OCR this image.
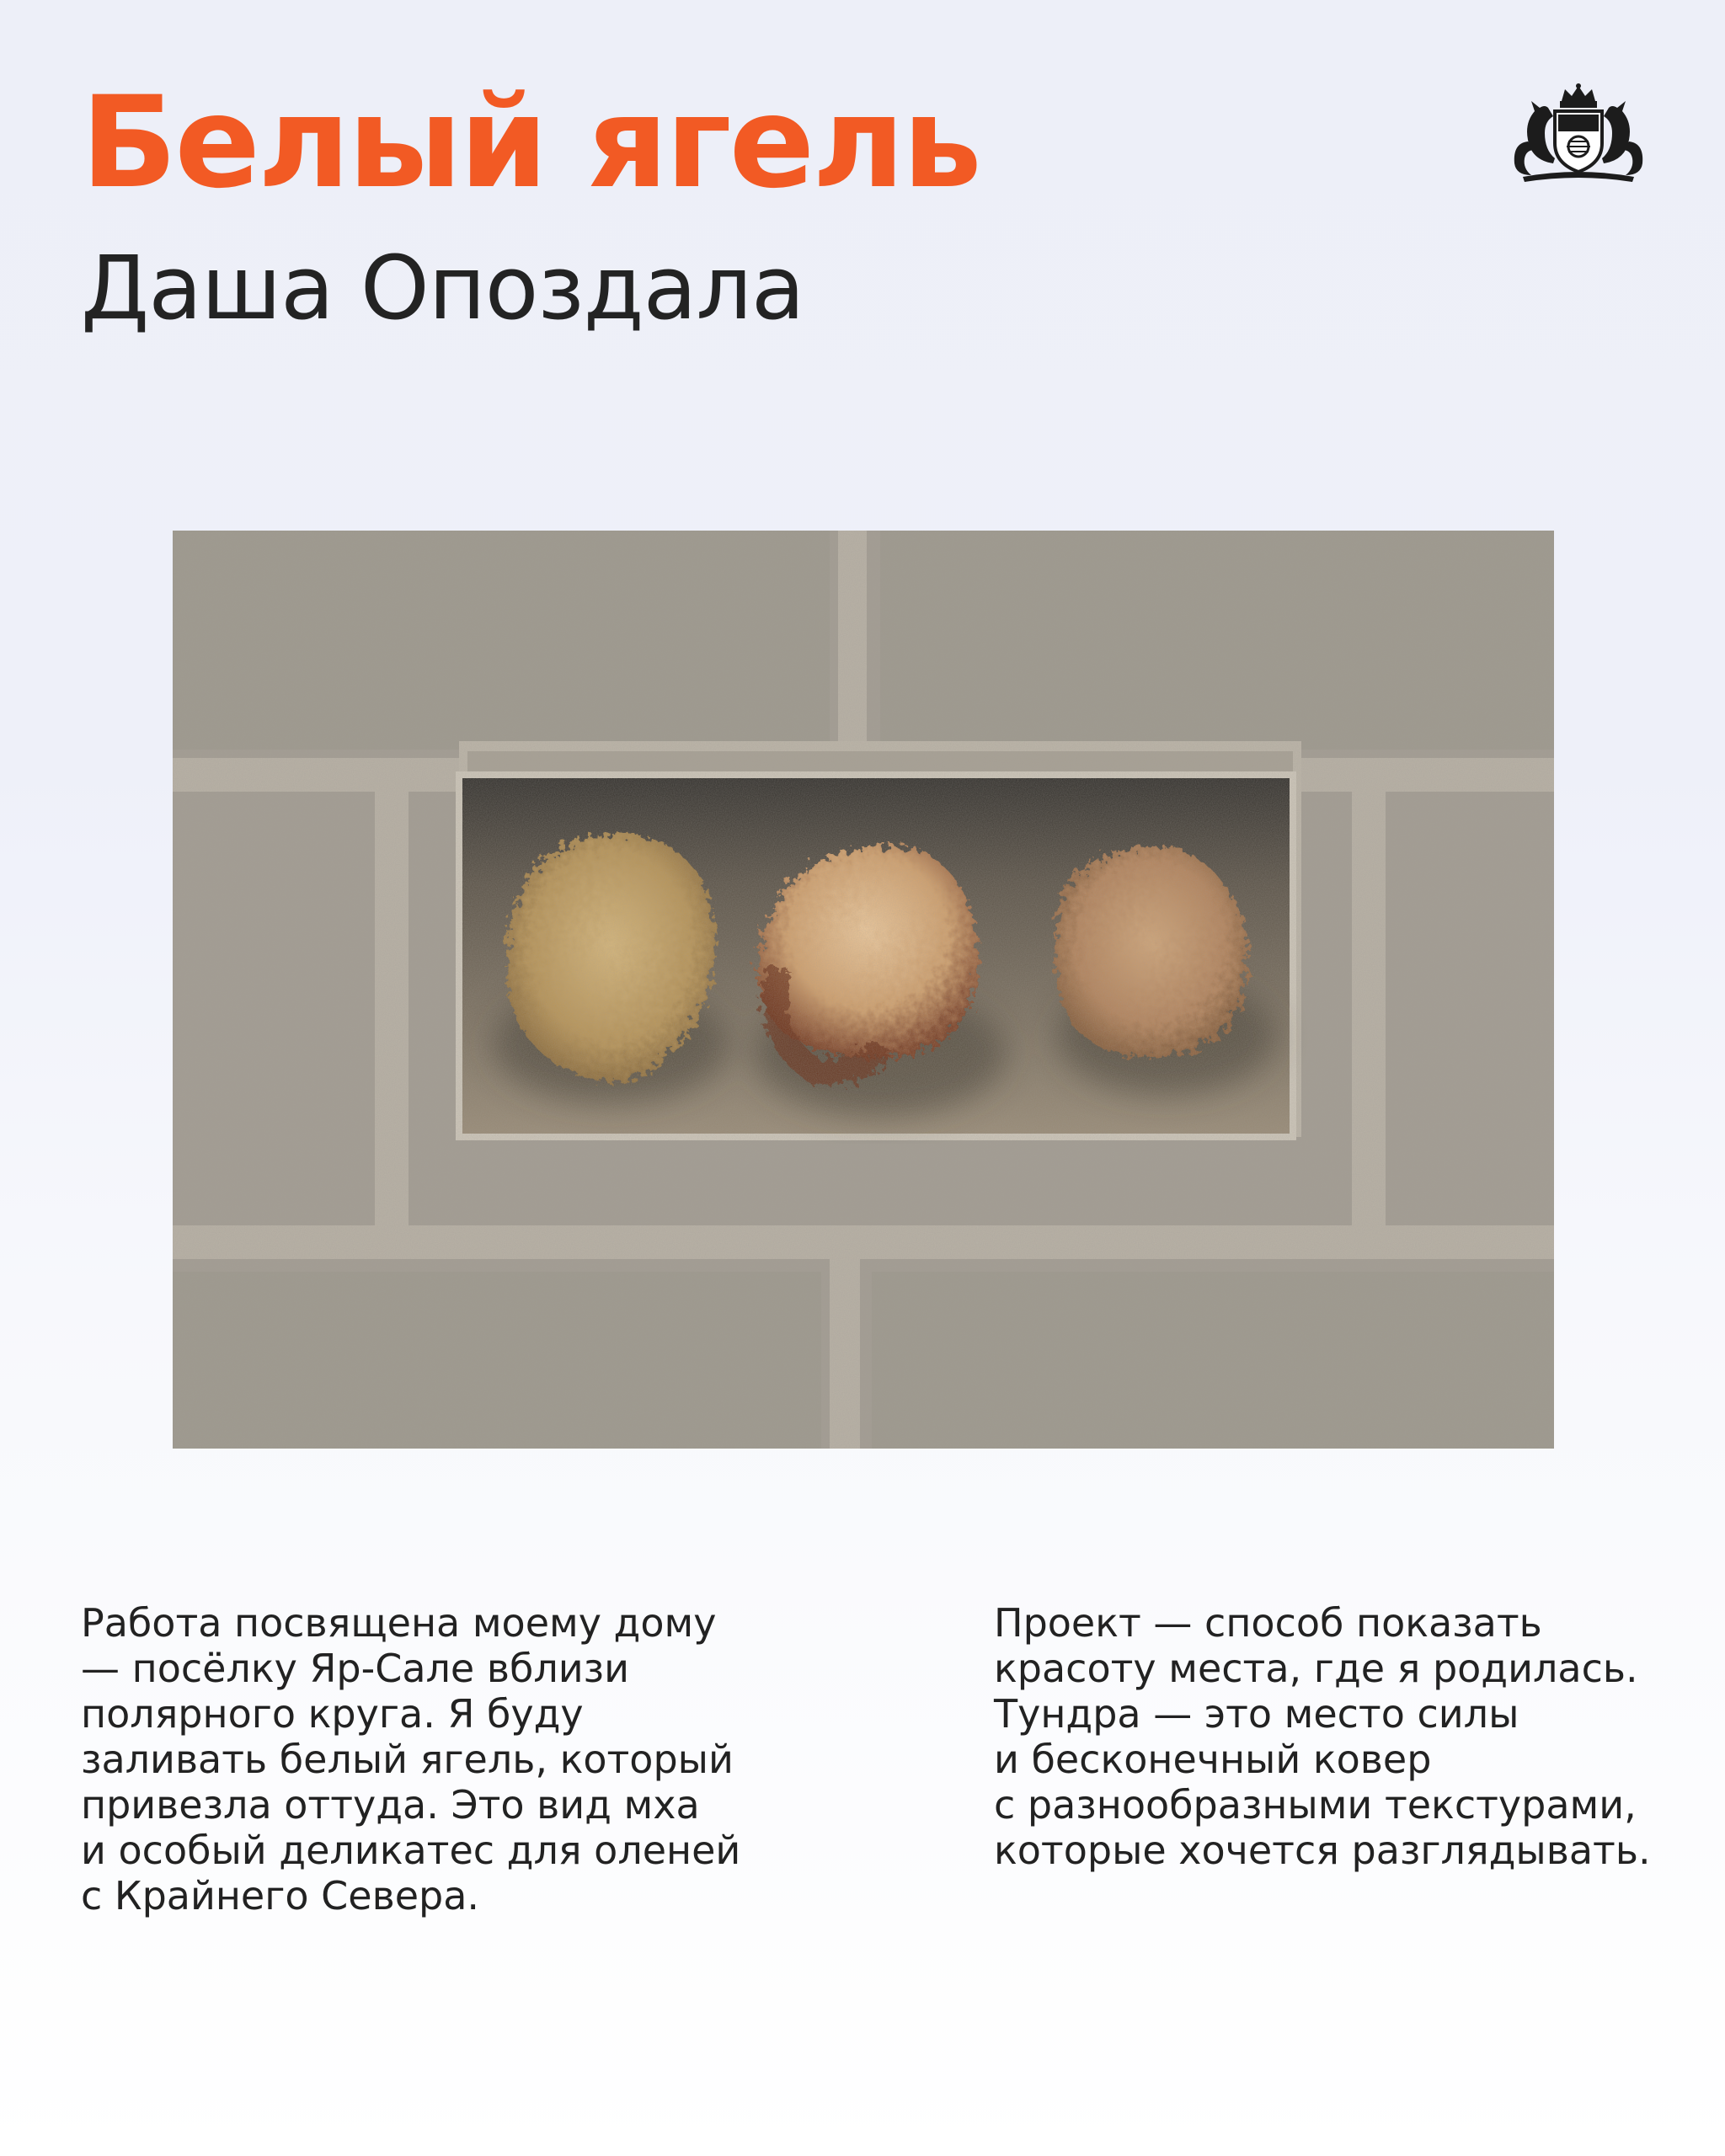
Белый ягель
Даша Опоздала

Работа посвящена моему дому
— посёлку Яр-Сале вблизи
полярного круга. Я буду
заливать белый ягель, который
привезла оттуда. Это вид мха
и особый деликатес для оленей
с Крайнего Севера.

Проект — способ показать
красоту места, где я родилась.
Тундра — это место силы
и бесконечный ковер
с разнообразными текстурами,
которые хочется разглядывать.
